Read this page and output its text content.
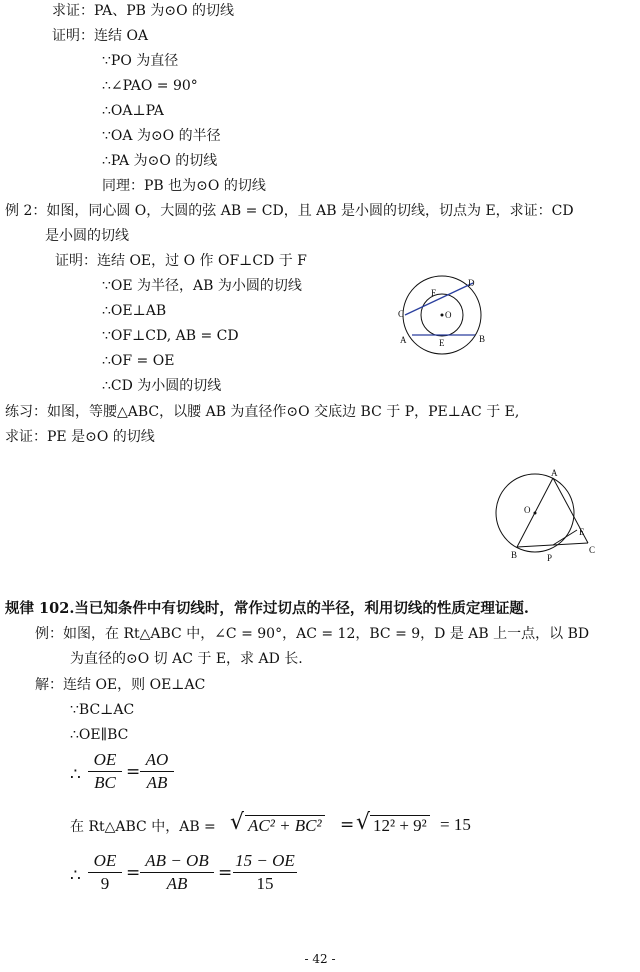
求证：PA、PB 为⊙O 的切线
证明：连结 OA
∵PO 为直径
∴∠PAO = 90°
∴OA⊥PA
∵OA 为⊙O 的半径
∴PA 为⊙O 的切线
同理：PB 也为⊙O 的切线
例 2：如图，同心圆 O，大圆的弦 AB = CD，且 AB 是小圆的切线，切点为 E，求证：CD
是小圆的切线
证明：连结 OE，过 O 作 OF⊥CD 于 F
∵OE 为半径，AB 为小圆的切线
∴OE⊥AB
∵OF⊥CD, AB = CD
∴OF = OE
∴CD 为小圆的切线
练习：如图，等腰△ABC，以腰 AB 为直径作⊙O 交底边 BC 于 P，PE⊥AC 于 E,
求证：PE 是⊙O 的切线
D
F
C	O
A	E	B
A
O
E
B	P
C
规律 102.当已知条件中有切线时，常作过切点的半径，利用切线的性质定理证题.
例：如图，在 Rt△ABC 中，∠C = 90°，AC = 12，BC = 9，D 是 AB 上一点，以 BD
为直径的⊙O 切 AC 于 E，求 AD 长.
解：连结 OE，则 OE⊥AC
∵BC⊥AC
∴OE∥BC
∴
OE
BC
=
AO
AB
在 Rt△ABC 中，AB = √ AC² + BC² = √ 12² + 9² = 15
∴
OE
9
=
AB − OB
AB
=
15 − OE
15
- 42 -
